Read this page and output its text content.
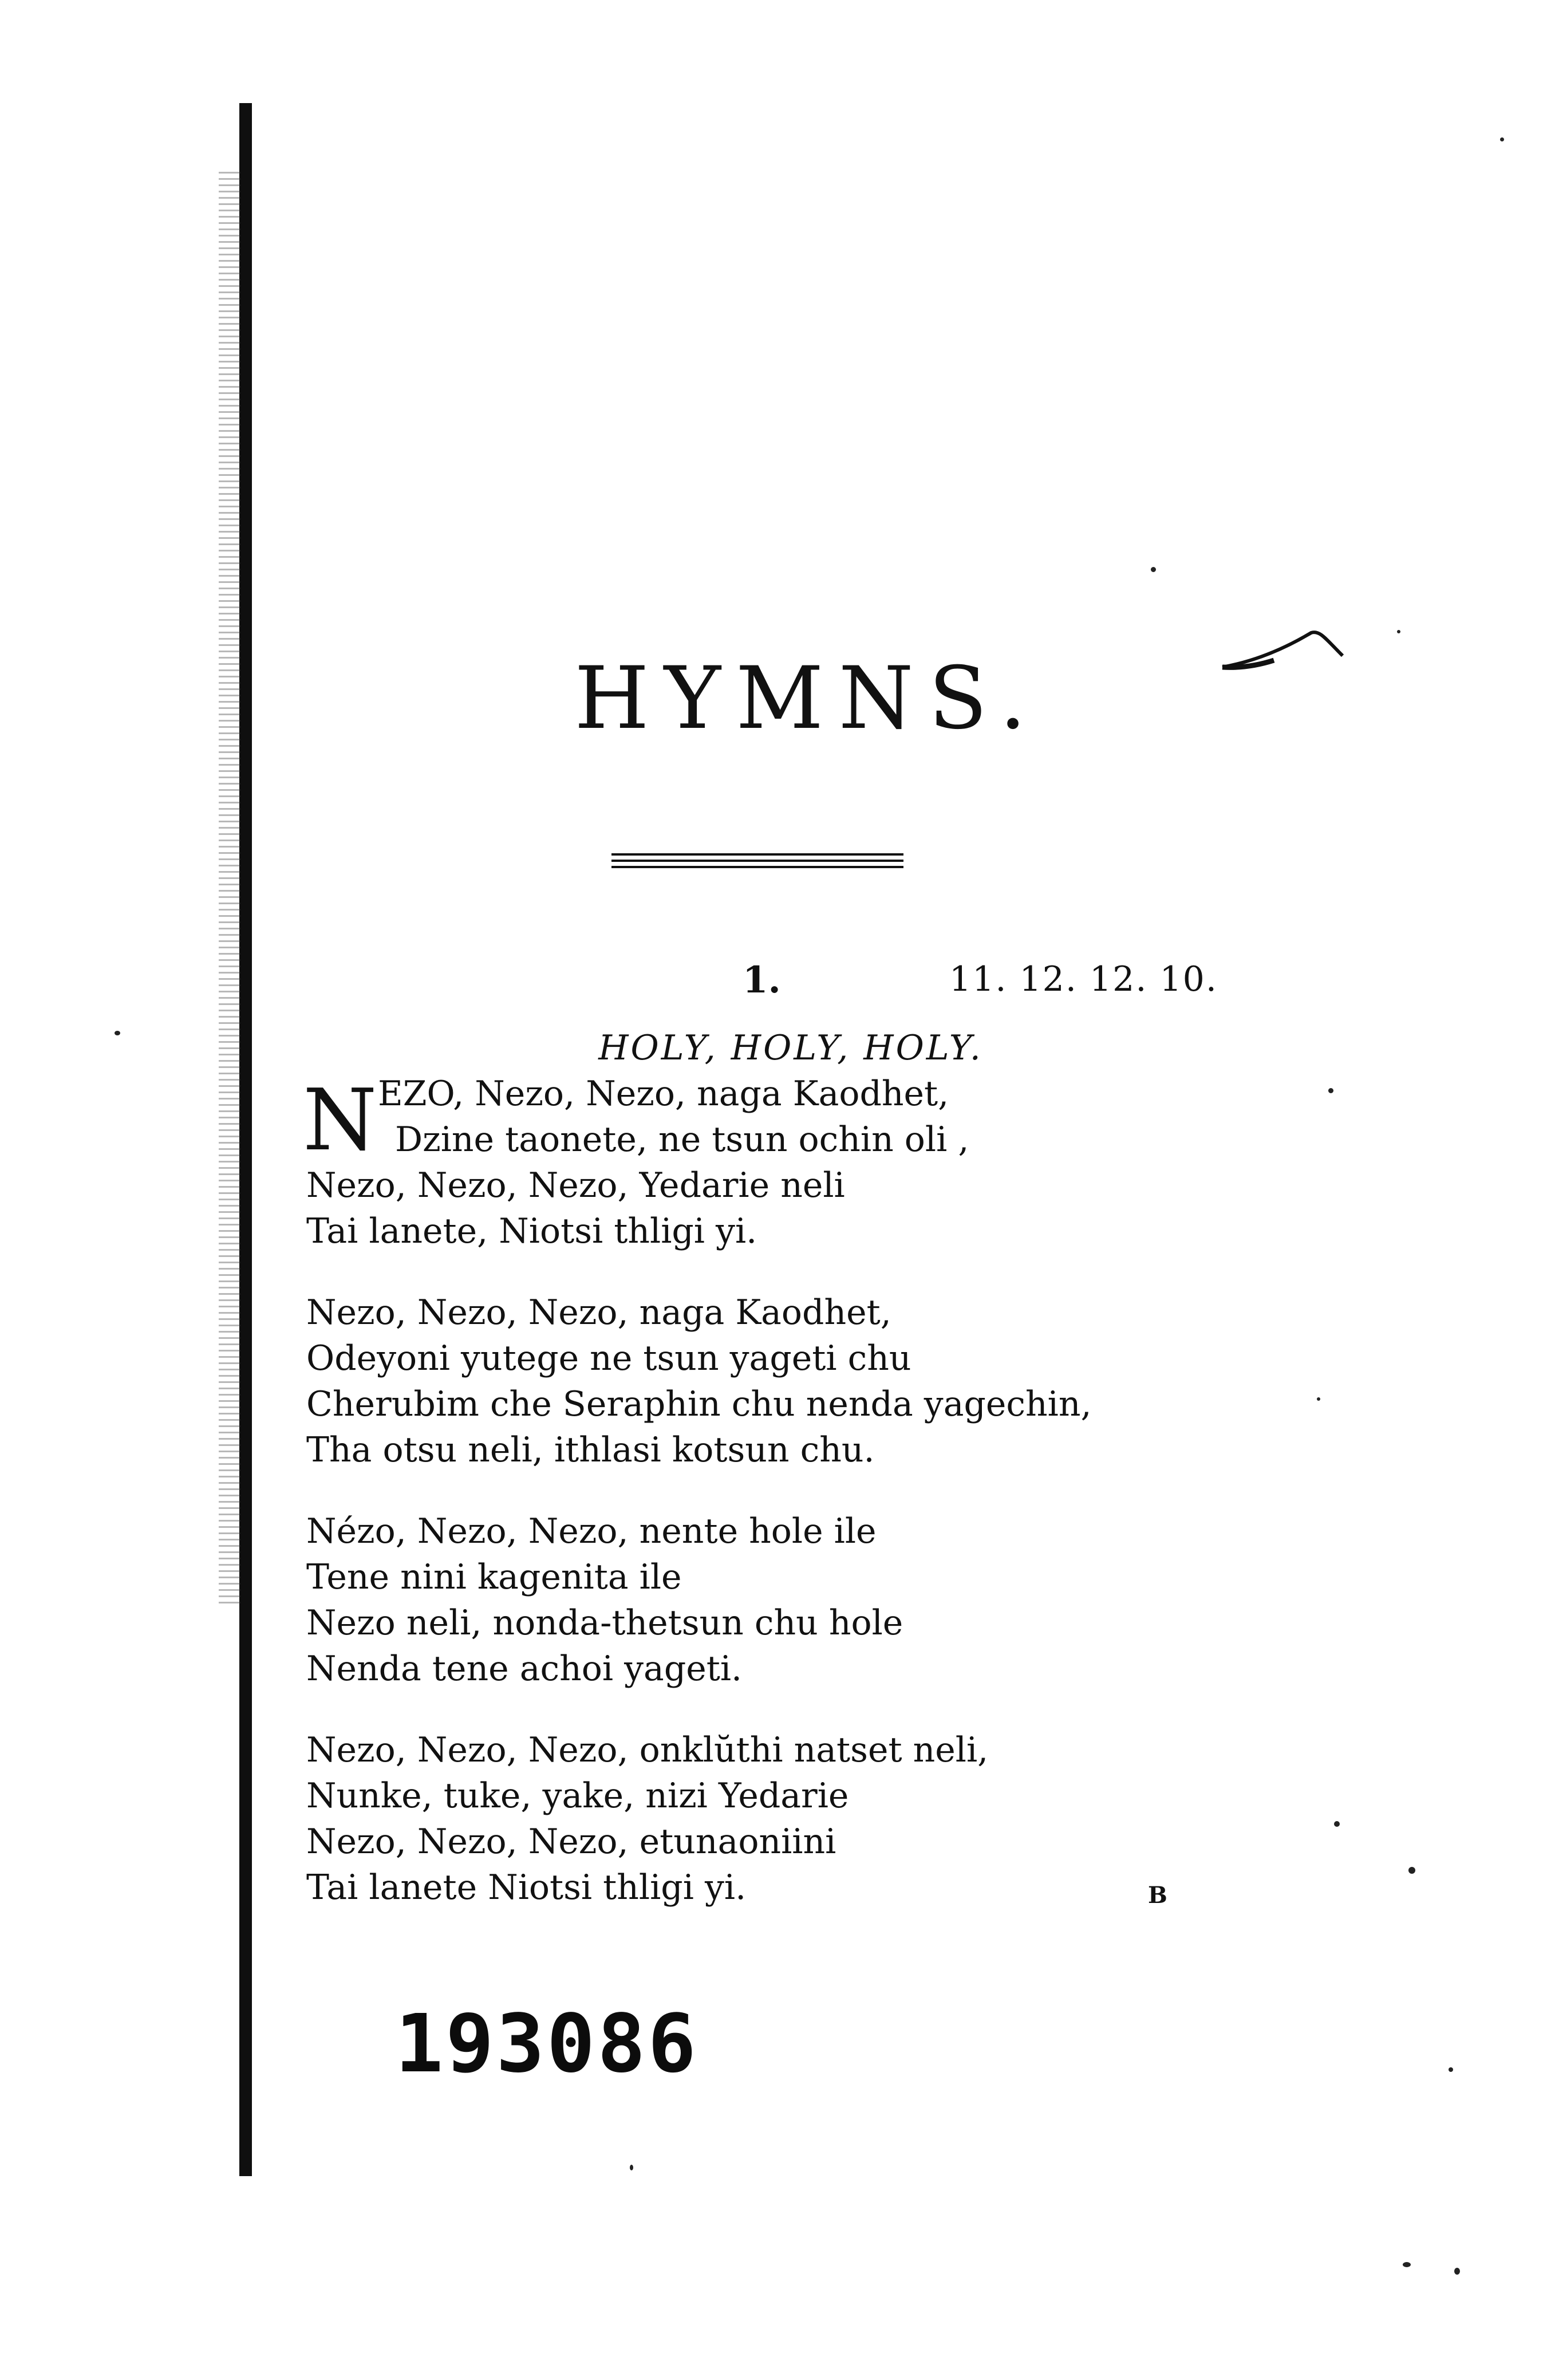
HYMNS.
1.	11. 12. 12. 10.
HOLY, HOLY, HOLY.
N EZO, Nezo, Nezo, naga Kaodhet,
Dzine taonete, ne tsun ochin oli ,
Nezo, Nezo, Nezo, Yedarie neli
Tai lanete, Niotsi thligi yi.
Nezo, Nezo, Nezo, naga Kaodhet,
Odeyoni yutege ne tsun yageti chu
Cherubim che Seraphin chu nenda yagechin,
Tha otsu neli, ithlasi kotsun chu.
Nézo, Nezo, Nezo, nente hole ile
Tene nini kagenita ile
Nezo neli, nonda-thetsun chu hole
Nenda tene achoi yageti.
Nezo, Nezo, Nezo, onklŭthi natset neli,
Nunke, tuke, yake, nizi Yedarie
Nezo, Nezo, Nezo, etunaoniini
Tai lanete Niotsi thligi yi.	B
193086
